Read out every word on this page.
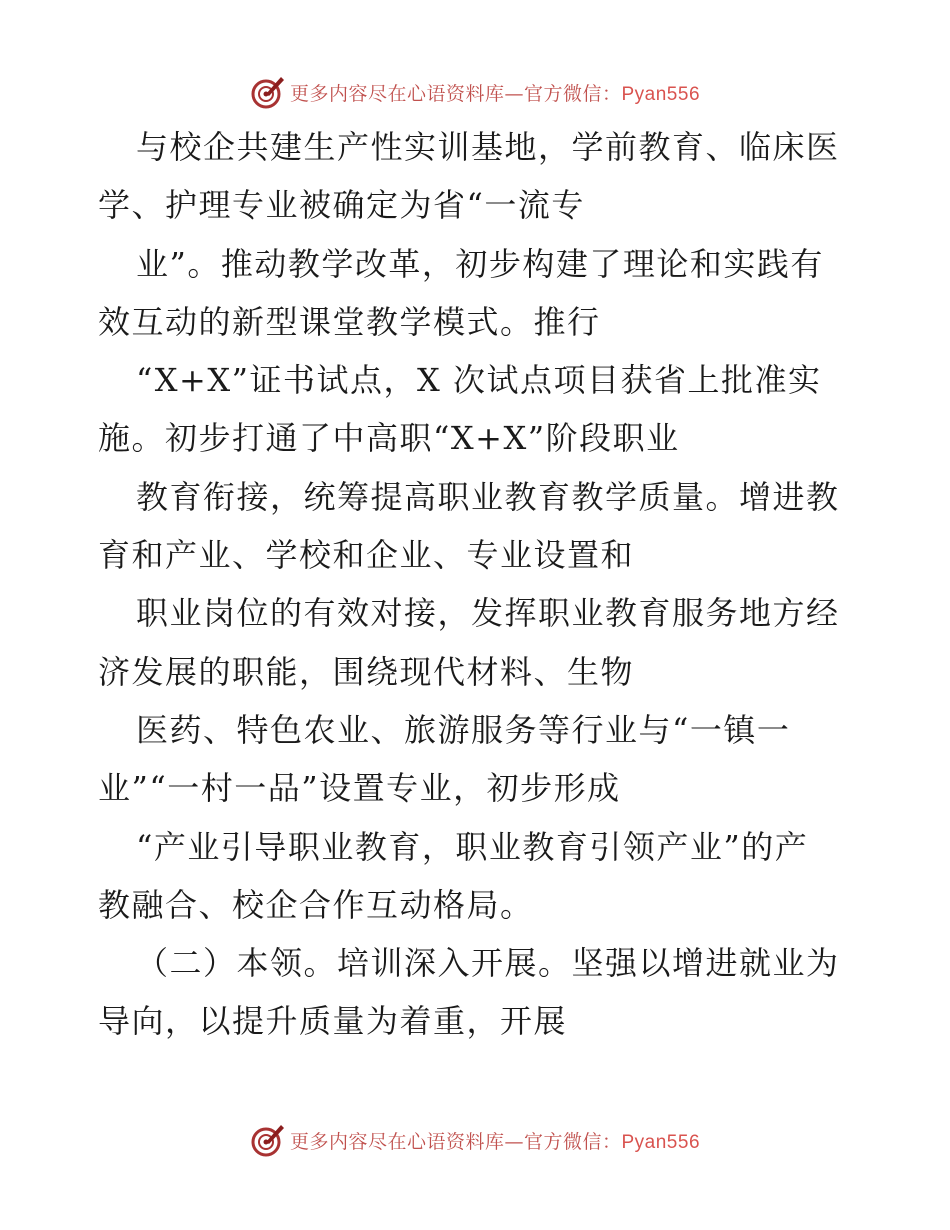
更多内容尽在心语资料库—官方微信：Pyan556
与校企共建生产性实训基地，学前教育、临床医
学、护理专业被确定为省“一流专
业”。推动教学改革，初步构建了理论和实践有
效互动的新型课堂教学模式。推行
“X+X”证书试点，X 次试点项目获省上批准实
施。初步打通了中高职“X+X”阶段职业
教育衔接，统筹提高职业教育教学质量。增进教
育和产业、学校和企业、专业设置和
职业岗位的有效对接，发挥职业教育服务地方经
济发展的职能，围绕现代材料、生物
医药、特色农业、旅游服务等行业与“一镇一
业”“一村一品”设置专业，初步形成
“产业引导职业教育，职业教育引领产业”的产
教融合、校企合作互动格局。
（二）本领。培训深入开展。坚强以增进就业为
导向，以提升质量为着重，开展
更多内容尽在心语资料库—官方微信：Pyan556
